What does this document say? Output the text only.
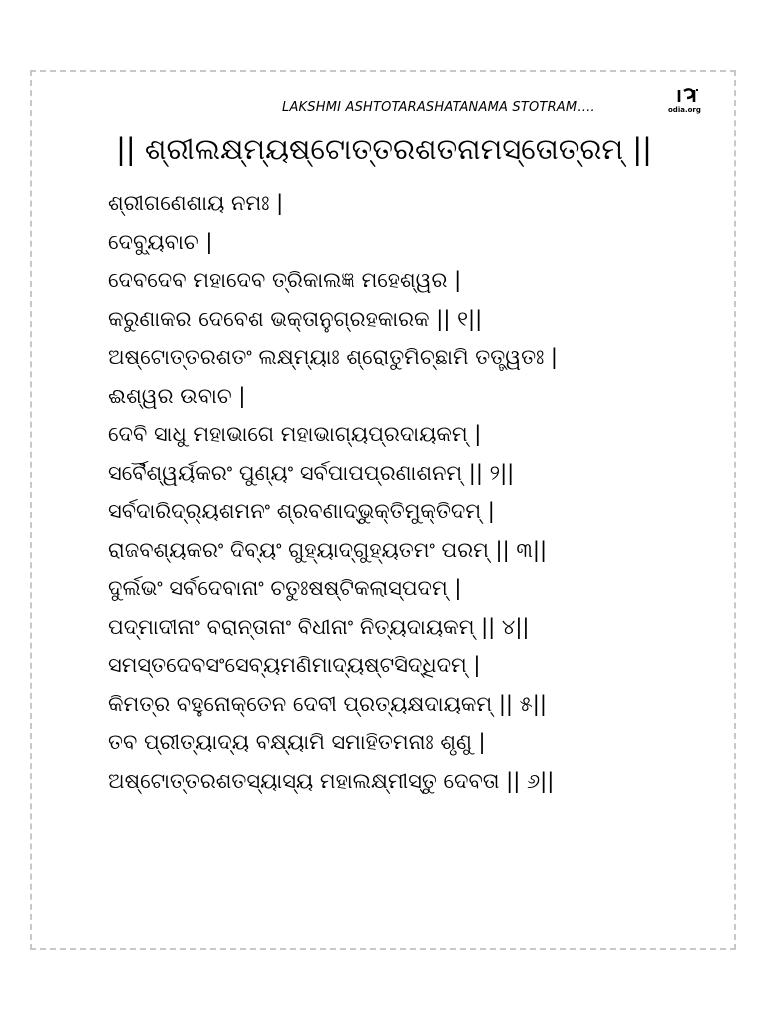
LAKSHMI ASHTOTARASHATANAMA STOTRAM….	odia.org
|| ଶ୍ରୀଲକ୍ଷ୍ମ୍ୟଷ୍ଟୋତ୍ତରଶତନାମସ୍ତୋତ୍ରମ୍ ||
ଶ୍ରୀଗଣେଶାୟ ନମଃ |
ଦେବ୍ୟୁବାଚ |
ଦେବଦେବ ମହାଦେବ ତ୍ରିକାଲଜ୍ଞ ମହେଶ୍ୱର |
କରୁଣାକର ଦେବେଶ ଭକ୍ତାନୁଗ୍ରହକାରକ || ୧||
ଅଷ୍ଟୋତ୍ତରଶତଂ ଲକ୍ଷ୍ମ୍ୟାଃ ଶ୍ରୋତୁମିଚ୍ଛାମି ତତ୍ତ୍ୱତଃ |
ଈଶ୍ୱର ଉବାଚ |
ଦେବି ସାଧୁ ମହାଭାଗେ ମହାଭାଗ୍ୟପ୍ରଦାୟକମ୍ |
ସର୍ବୈଶ୍ୱର୍ୟକରଂ ପୁଣ୍ୟଂ ସର୍ବପାପପ୍ରଣାଶନମ୍ || ୨||
ସର୍ବଦାରିଦ୍ର୍ୟଶମନଂ ଶ୍ରବଣାଦ୍ଭୁକ୍ତିମୁକ୍ତିଦମ୍ |
ରାଜବଶ୍ୟକରଂ ଦିବ୍ୟଂ ଗୁହ୍ୟାଦ୍ଗୁହ୍ୟତମଂ ପରମ୍ || ୩||
ଦୁର୍ଲଭଂ ସର୍ବଦେବାନାଂ ଚତୁଃଷଷ୍ଟିକଲାସ୍ପଦମ୍ |
ପଦ୍ମାଦୀନାଂ ବରାନ୍ତାନାଂ ବିଧୀନାଂ ନିତ୍ୟଦାୟକମ୍ || ୪||
ସମସ୍ତଦେବସଂସେବ୍ୟମଣିମାଦ୍ୟଷ୍ଟସିଦ୍ଧିଦମ୍ |
କିମତ୍ର ବହୁନୋକ୍ତେନ ଦେବୀ ପ୍ରତ୍ୟକ୍ଷଦାୟକମ୍ || ୫||
ତବ ପ୍ରୀତ୍ୟାଦ୍ୟ ବକ୍ଷ୍ୟାମି ସମାହିତମନାଃ ଶୃଣୁ |
ଅଷ୍ଟୋତ୍ତରଶତସ୍ୟାସ୍ୟ ମହାଲକ୍ଷ୍ମୀସ୍ତୁ ଦେବତା || ୬||
